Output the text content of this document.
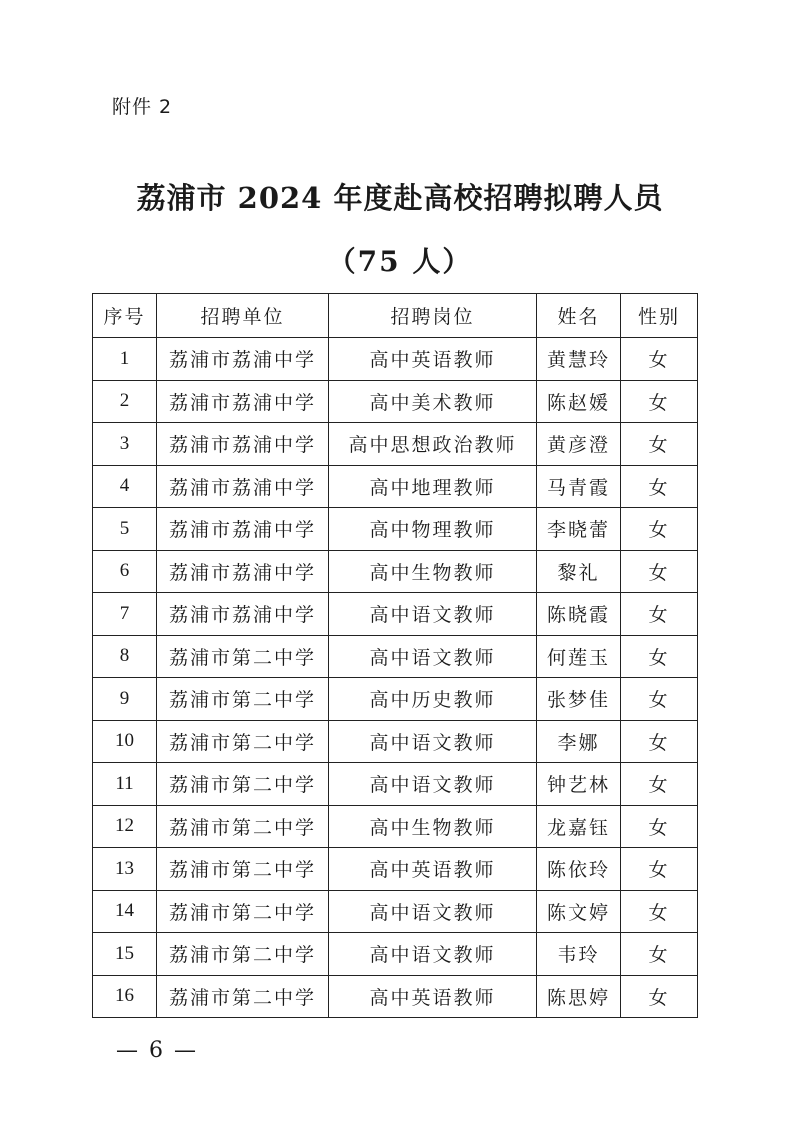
附件 2
荔浦市 2024 年度赴高校招聘拟聘人员
（75 人）
序号	招聘单位	招聘岗位	姓名	性别
1	荔浦市荔浦中学	高中英语教师	黄慧玲	女
2	荔浦市荔浦中学	高中美术教师	陈赵媛	女
3	荔浦市荔浦中学	高中思想政治教师	黄彦澄	女
4	荔浦市荔浦中学	高中地理教师	马青霞	女
5	荔浦市荔浦中学	高中物理教师	李晓蕾	女
6	荔浦市荔浦中学	高中生物教师	黎礼	女
7	荔浦市荔浦中学	高中语文教师	陈晓霞	女
8	荔浦市第二中学	高中语文教师	何莲玉	女
9	荔浦市第二中学	高中历史教师	张梦佳	女
10	荔浦市第二中学	高中语文教师	李娜	女
11	荔浦市第二中学	高中语文教师	钟艺林	女
12	荔浦市第二中学	高中生物教师	龙嘉钰	女
13	荔浦市第二中学	高中英语教师	陈依玲	女
14	荔浦市第二中学	高中语文教师	陈文婷	女
15	荔浦市第二中学	高中语文教师	韦玲	女
16	荔浦市第二中学	高中英语教师	陈思婷	女
— 6 —
